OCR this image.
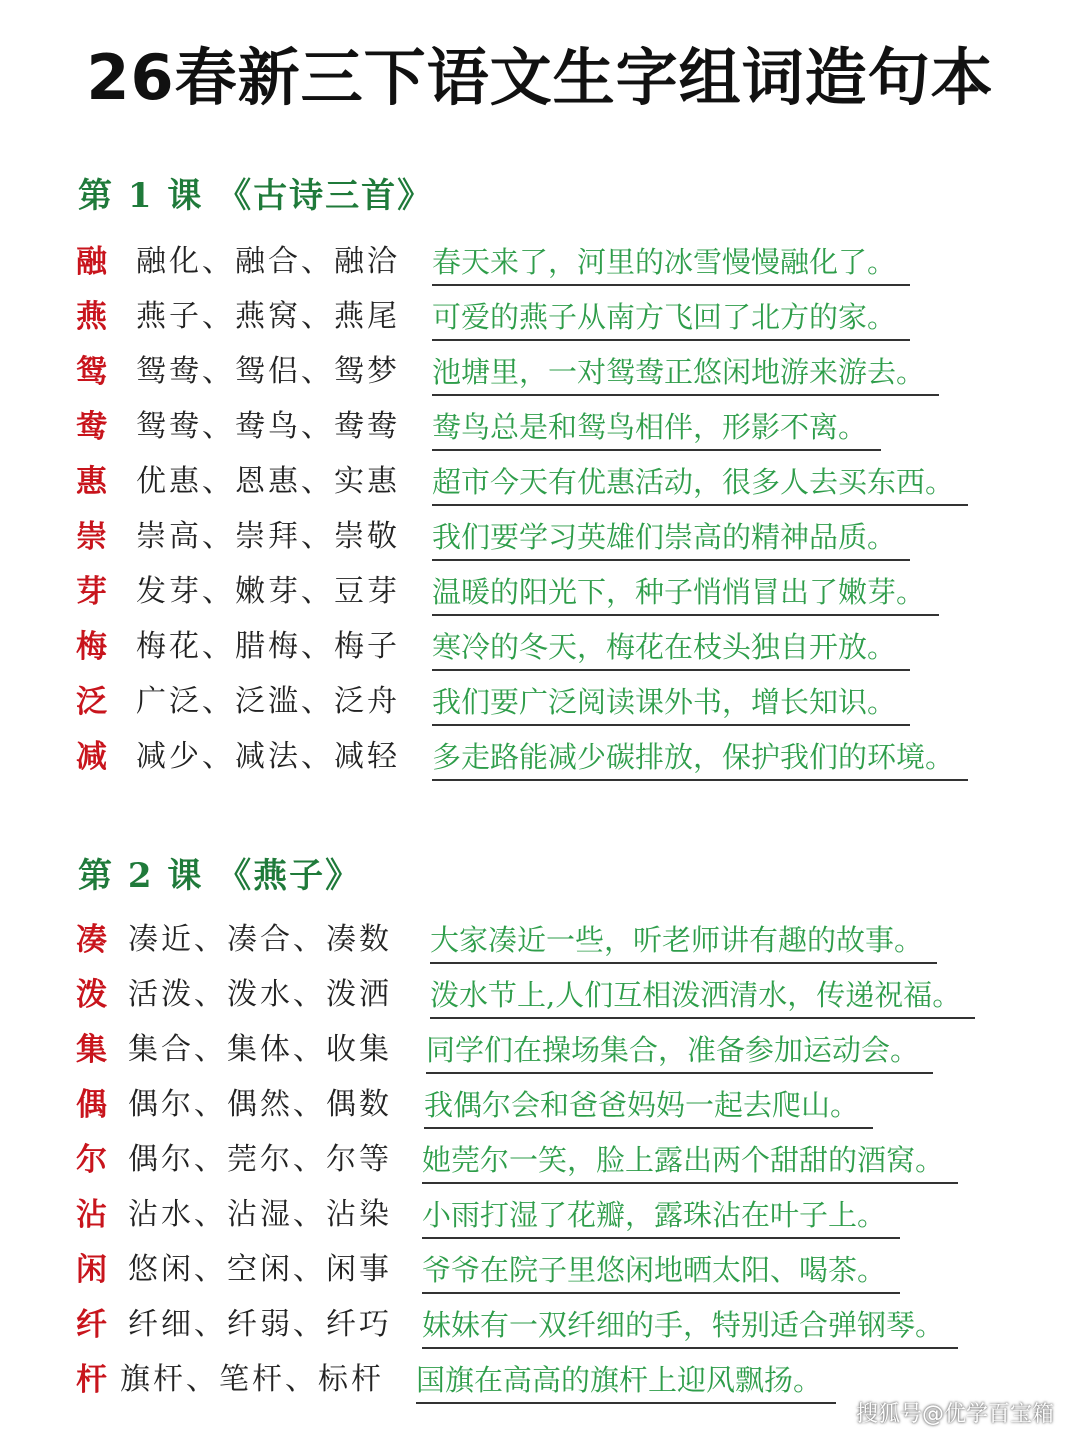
26春新三下语文生字组词造句本
第 1 课 《古诗三首》
融 融化、融合、融洽 春天来了，河里的冰雪慢慢融化了。
燕 燕子、燕窝、燕尾 可爱的燕子从南方飞回了北方的家。
鸳 鸳鸯、鸳侣、鸳梦 池塘里，一对鸳鸯正悠闲地游来游去。
鸯 鸳鸯、鸯鸟、鸯鸯 鸯鸟总是和鸳鸟相伴，形影不离。
惠 优惠、恩惠、实惠 超市今天有优惠活动，很多人去买东西。
崇 崇高、崇拜、崇敬 我们要学习英雄们崇高的精神品质。
芽 发芽、嫩芽、豆芽 温暖的阳光下，种子悄悄冒出了嫩芽。
梅 梅花、腊梅、梅子 寒冷的冬天，梅花在枝头独自开放。
泛 广泛、泛滥、泛舟 我们要广泛阅读课外书，增长知识。
减 减少、减法、减轻 多走路能减少碳排放，保护我们的环境。
第 2 课 《燕子》
凑 凑近、凑合、凑数 大家凑近一些，听老师讲有趣的故事。
泼 活泼、泼水、泼洒 泼水节上,人们互相泼洒清水，传递祝福。
集 集合、集体、收集 同学们在操场集合，准备参加运动会。
偶 偶尔、偶然、偶数 我偶尔会和爸爸妈妈一起去爬山。
尔 偶尔、莞尔、尔等 她莞尔一笑，脸上露出两个甜甜的酒窝。
沾 沾水、沾湿、沾染 小雨打湿了花瓣，露珠沾在叶子上。
闲 悠闲、空闲、闲事 爷爷在院子里悠闲地晒太阳、喝茶。
纤 纤细、纤弱、纤巧 妹妹有一双纤细的手，特别适合弹钢琴。
杆 旗杆、笔杆、标杆 国旗在高高的旗杆上迎风飘扬。
搜狐号@优学百宝箱
